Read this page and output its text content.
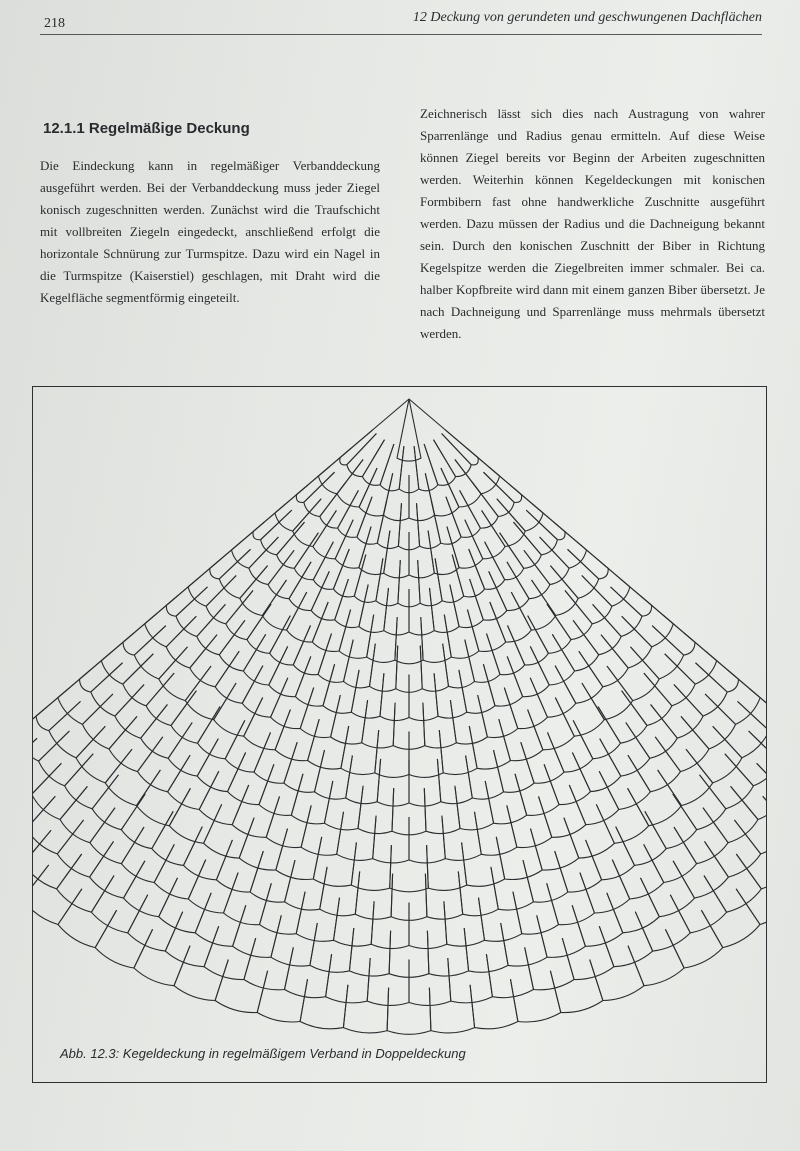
218	12 Deckung von gerundeten und geschwungenen Dachflächen
12.1.1 Regelmäßige Deckung

Die Eindeckung kann in regelmäßiger Verbanddeckung ausgeführt werden. Bei der Verbanddeckung muss jeder Ziegel konisch zugeschnitten werden. Zunächst wird die Traufschicht mit vollbreiten Ziegeln eingedeckt, anschließend erfolgt die horizontale Schnürung zur Turmspitze. Dazu wird ein Nagel in die Turmspitze (Kaiserstiel) geschlagen, mit Draht wird die Kegelfläche segmentförmig eingeteilt.

Zeichnerisch lässt sich dies nach Austragung von wahrer Sparrenlänge und Radius genau ermitteln. Auf diese Weise können Ziegel bereits vor Beginn der Arbeiten zugeschnitten werden. Weiterhin können Kegeldeckungen mit konischen Formbibern fast ohne handwerkliche Zuschnitte ausgeführt werden. Dazu müssen der Radius und die Dachneigung bekannt sein. Durch den konischen Zuschnitt der Biber in Richtung Kegelspitze werden die Ziegelbreiten immer schmaler. Bei ca. halber Kopfbreite wird dann mit einem ganzen Biber übersetzt. Je nach Dachneigung und Sparrenlänge muss mehrmals übersetzt werden.

Abb. 12.3: Kegeldeckung in regelmäßigem Verband in Doppeldeckung
